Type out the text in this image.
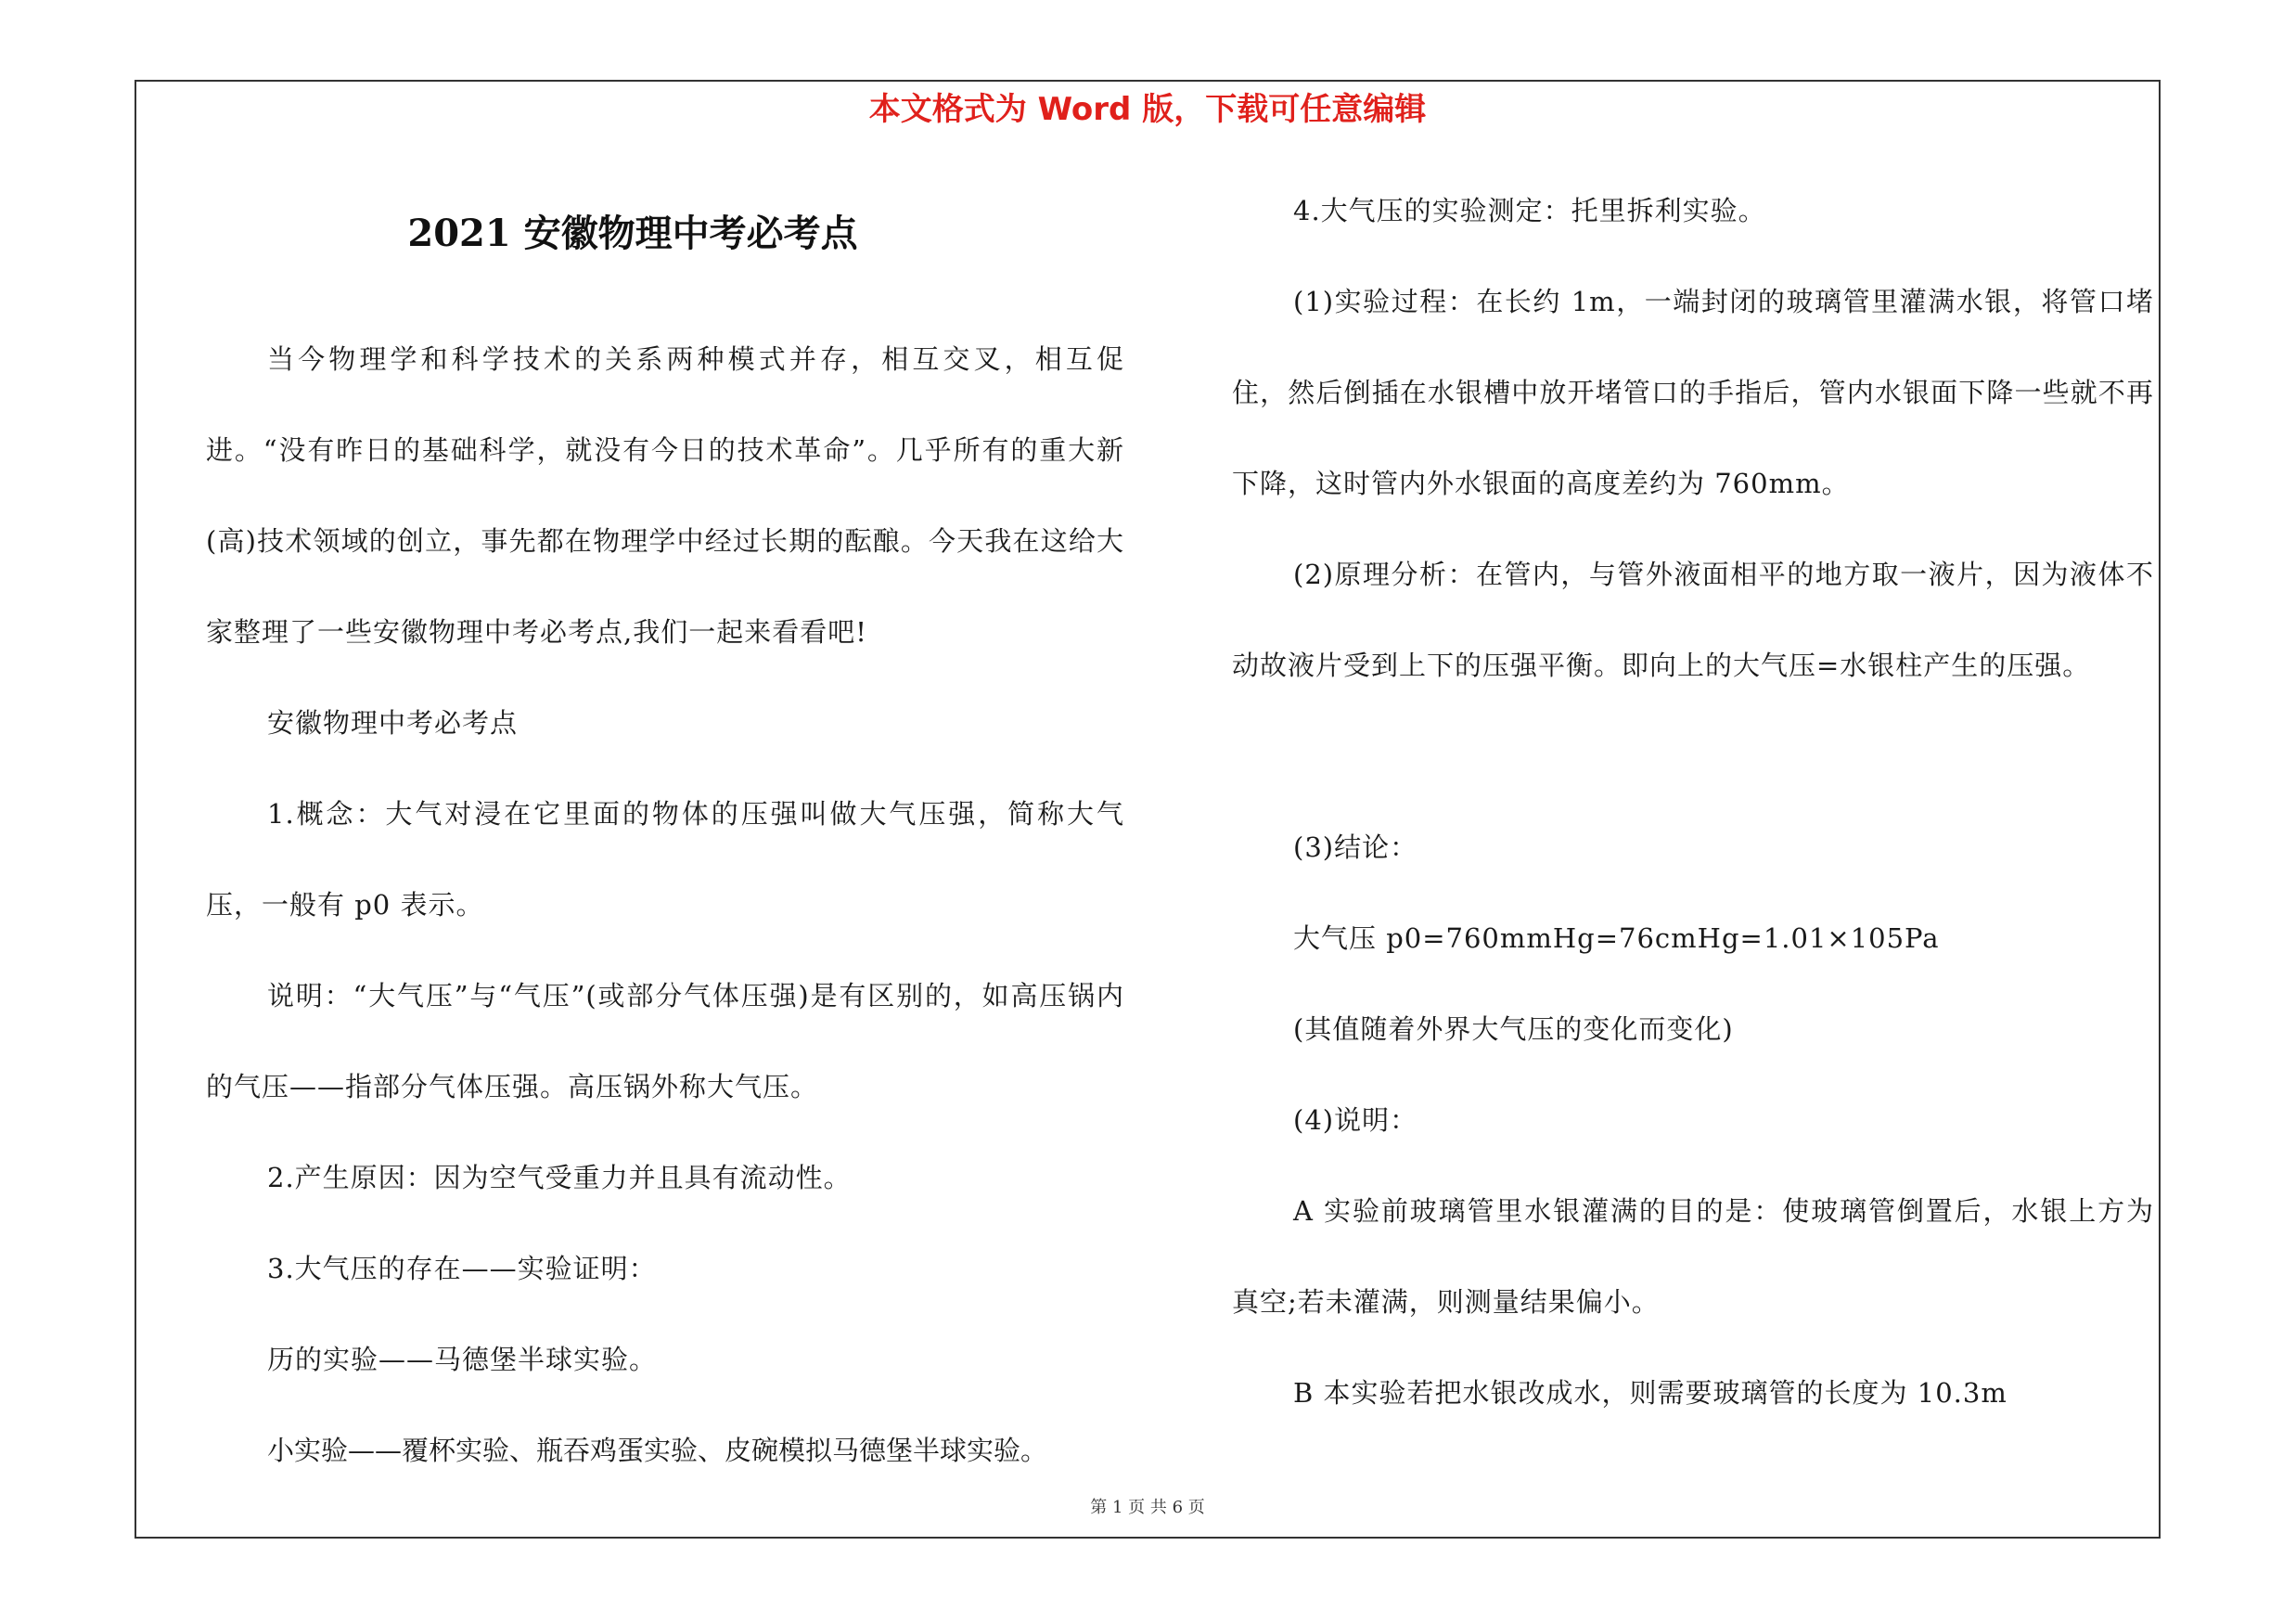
本文格式为 Word 版，下载可任意编辑
2021 安徽物理中考必考点

当今物理学和科学技术的关系两种模式并存，相互交叉，相互促进。“没有昨日的基础科学，就没有今日的技术革命”。几乎所有的重大新(高)技术领域的创立，事先都在物理学中经过长期的酝酿。今天我在这给大家整理了一些安徽物理中考必考点,我们一起来看看吧!

安徽物理中考必考点

1.概念：大气对浸在它里面的物体的压强叫做大气压强，简称大气压，一般有 p0 表示。

说明：“大气压”与“气压”(或部分气体压强)是有区别的，如高压锅内的气压——指部分气体压强。高压锅外称大气压。

2.产生原因：因为空气受重力并且具有流动性。

3.大气压的存在——实验证明：

历的实验——马德堡半球实验。

小实验——覆杯实验、瓶吞鸡蛋实验、皮碗模拟马德堡半球实验。

4.大气压的实验测定：托里拆利实验。

(1)实验过程：在长约 1m，一端封闭的玻璃管里灌满水银，将管口堵住，然后倒插在水银槽中放开堵管口的手指后，管内水银面下降一些就不再下降，这时管内外水银面的高度差约为 760mm。

(2)原理分析：在管内，与管外液面相平的地方取一液片，因为液体不动故液片受到上下的压强平衡。即向上的大气压=水银柱产生的压强。

(3)结论：

大气压 p0=760mmHg=76cmHg=1.01×105Pa

(其值随着外界大气压的变化而变化)

(4)说明：

A 实验前玻璃管里水银灌满的目的是：使玻璃管倒置后，水银上方为真空;若未灌满，则测量结果偏小。

B 本实验若把水银改成水，则需要玻璃管的长度为 10.3m

第 1 页 共 6 页
